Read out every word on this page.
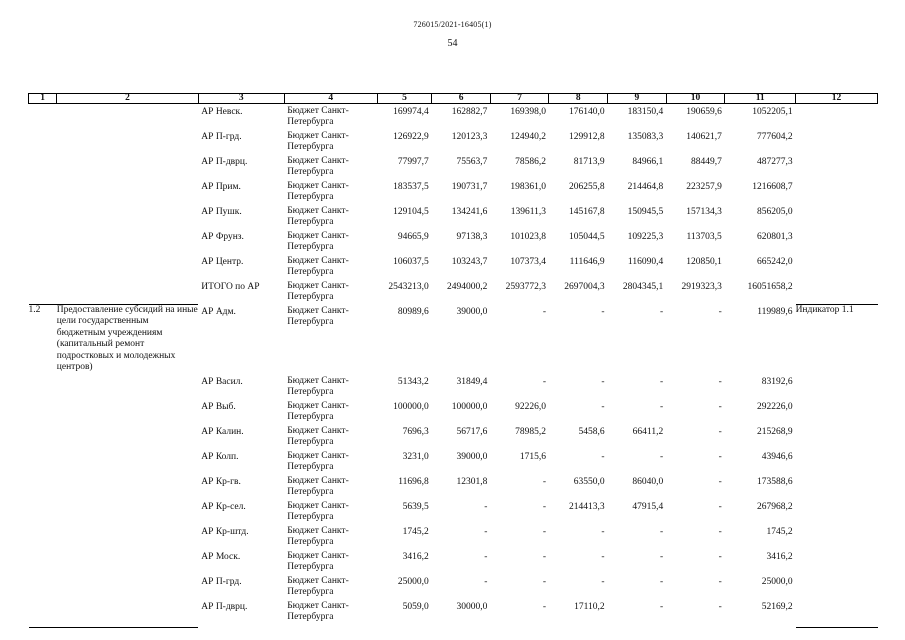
726015/2021-16405(1)
54
1	2	3	4	5	6	7	8	9	10	11	12
		АР Невск.	Бюджет Санкт-Петербурга	169974,4	162882,7	169398,0	176140,0	183150,4	190659,6	1052205,1	
		АР П-грд.	Бюджет Санкт-Петербурга	126922,9	120123,3	124940,2	129912,8	135083,3	140621,7	777604,2	
		АР П-дврц.	Бюджет Санкт-Петербурга	77997,7	75563,7	78586,2	81713,9	84966,1	88449,7	487277,3	
		АР Прим.	Бюджет Санкт-Петербурга	183537,5	190731,7	198361,0	206255,8	214464,8	223257,9	1216608,7	
		АР Пушк.	Бюджет Санкт-Петербурга	129104,5	134241,6	139611,3	145167,8	150945,5	157134,3	856205,0	
		АР Фрунз.	Бюджет Санкт-Петербурга	94665,9	97138,3	101023,8	105044,5	109225,3	113703,5	620801,3	
		АР Центр.	Бюджет Санкт-Петербурга	106037,5	103243,7	107373,4	111646,9	116090,4	120850,1	665242,0	
		ИТОГО по АР	Бюджет Санкт-Петербурга	2543213,0	2494000,2	2593772,3	2697004,3	2804345,1	2919323,3	16051658,2	
1.2	Предоставление субсидий на иные цели государственным бюджетным учреждениям (капитальный ремонт подростковых и молодежных центров)	АР Адм.	Бюджет Санкт-Петербурга	80989,6	39000,0	-	-	-	-	119989,6	Индикатор 1.1
		АР Васил.	Бюджет Санкт-Петербурга	51343,2	31849,4	-	-	-	-	83192,6	
		АР Выб.	Бюджет Санкт-Петербурга	100000,0	100000,0	92226,0	-	-	-	292226,0	
		АР Калин.	Бюджет Санкт-Петербурга	7696,3	56717,6	78985,2	5458,6	66411,2	-	215268,9	
		АР Колп.	Бюджет Санкт-Петербурга	3231,0	39000,0	1715,6	-	-	-	43946,6	
		АР Кр-гв.	Бюджет Санкт-Петербурга	11696,8	12301,8	-	63550,0	86040,0	-	173588,6	
		АР Кр-сел.	Бюджет Санкт-Петербурга	5639,5	-	-	214413,3	47915,4	-	267968,2	
		АР Кр-штд.	Бюджет Санкт-Петербурга	1745,2	-	-	-	-	-	1745,2	
		АР Моск.	Бюджет Санкт-Петербурга	3416,2	-	-	-	-	-	3416,2	
		АР П-грд.	Бюджет Санкт-Петербурга	25000,0	-	-	-	-	-	25000,0	
		АР П-дврц.	Бюджет Санкт-Петербурга	5059,0	30000,0	-	17110,2	-	-	52169,2	
